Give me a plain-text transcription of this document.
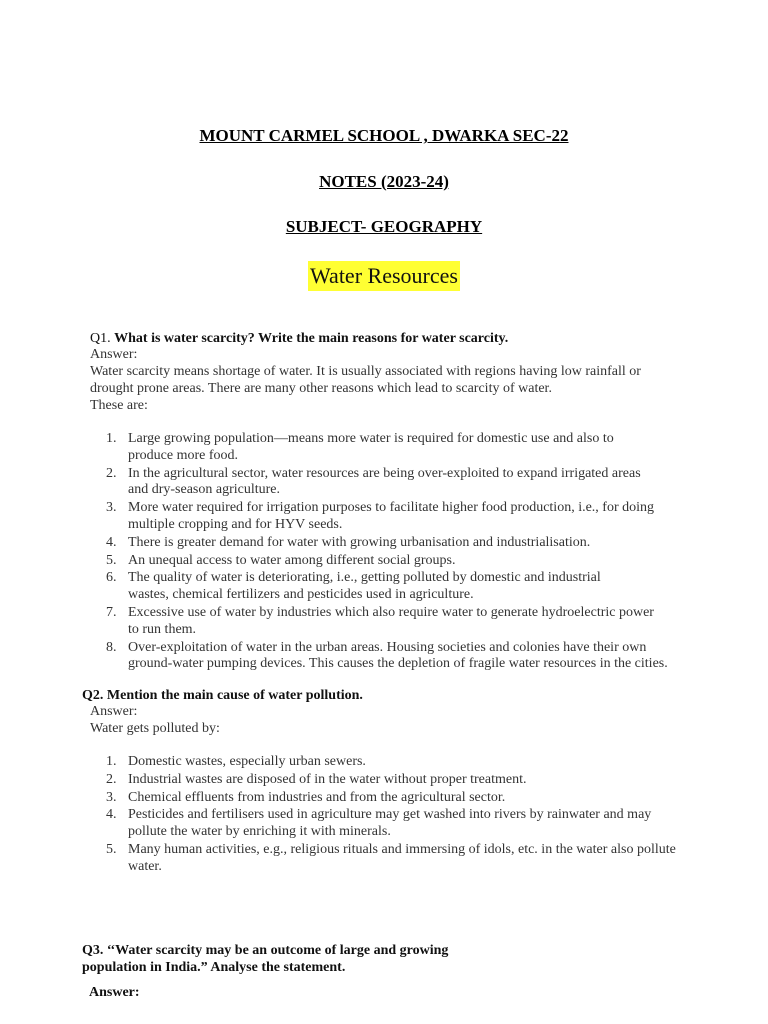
MOUNT CARMEL SCHOOL , DWARKA SEC-22
NOTES (2023-24)
SUBJECT- GEOGRAPHY
Water Resources
Q1. What is water scarcity? Write the main reasons for water scarcity.
Answer:
Water scarcity means shortage of water. It is usually associated with regions having low rainfall or
drought prone areas. There are many other reasons which lead to scarcity of water.
These are:
1. Large growing population—means more water is required for domestic use and also to
produce more food.
2. In the agricultural sector, water resources are being over-exploited to expand irrigated areas
and dry-season agriculture.
3. More water required for irrigation purposes to facilitate higher food production, i.e., for doing
multiple cropping and for HYV seeds.
4. There is greater demand for water with growing urbanisation and industrialisation.
5. An unequal access to water among different social groups.
6. The quality of water is deteriorating, i.e., getting polluted by domestic and industrial
wastes, chemical fertilizers and pesticides used in agriculture.
7. Excessive use of water by industries which also require water to generate hydroelectric power
to run them.
8. Over-exploitation of water in the urban areas. Housing societies and colonies have their own
ground-water pumping devices. This causes the depletion of fragile water resources in the cities.
Q2. Mention the main cause of water pollution.
Answer:
Water gets polluted by:
1. Domestic wastes, especially urban sewers.
2. Industrial wastes are disposed of in the water without proper treatment.
3. Chemical effluents from industries and from the agricultural sector.
4. Pesticides and fertilisers used in agriculture may get washed into rivers by rainwater and may
pollute the water by enriching it with minerals.
5. Many human activities, e.g., religious rituals and immersing of idols, etc. in the water also pollute
water.
Q3. ‘‘Water scarcity may be an outcome of large and growing
population in India.” Analyse the statement.
Answer:
